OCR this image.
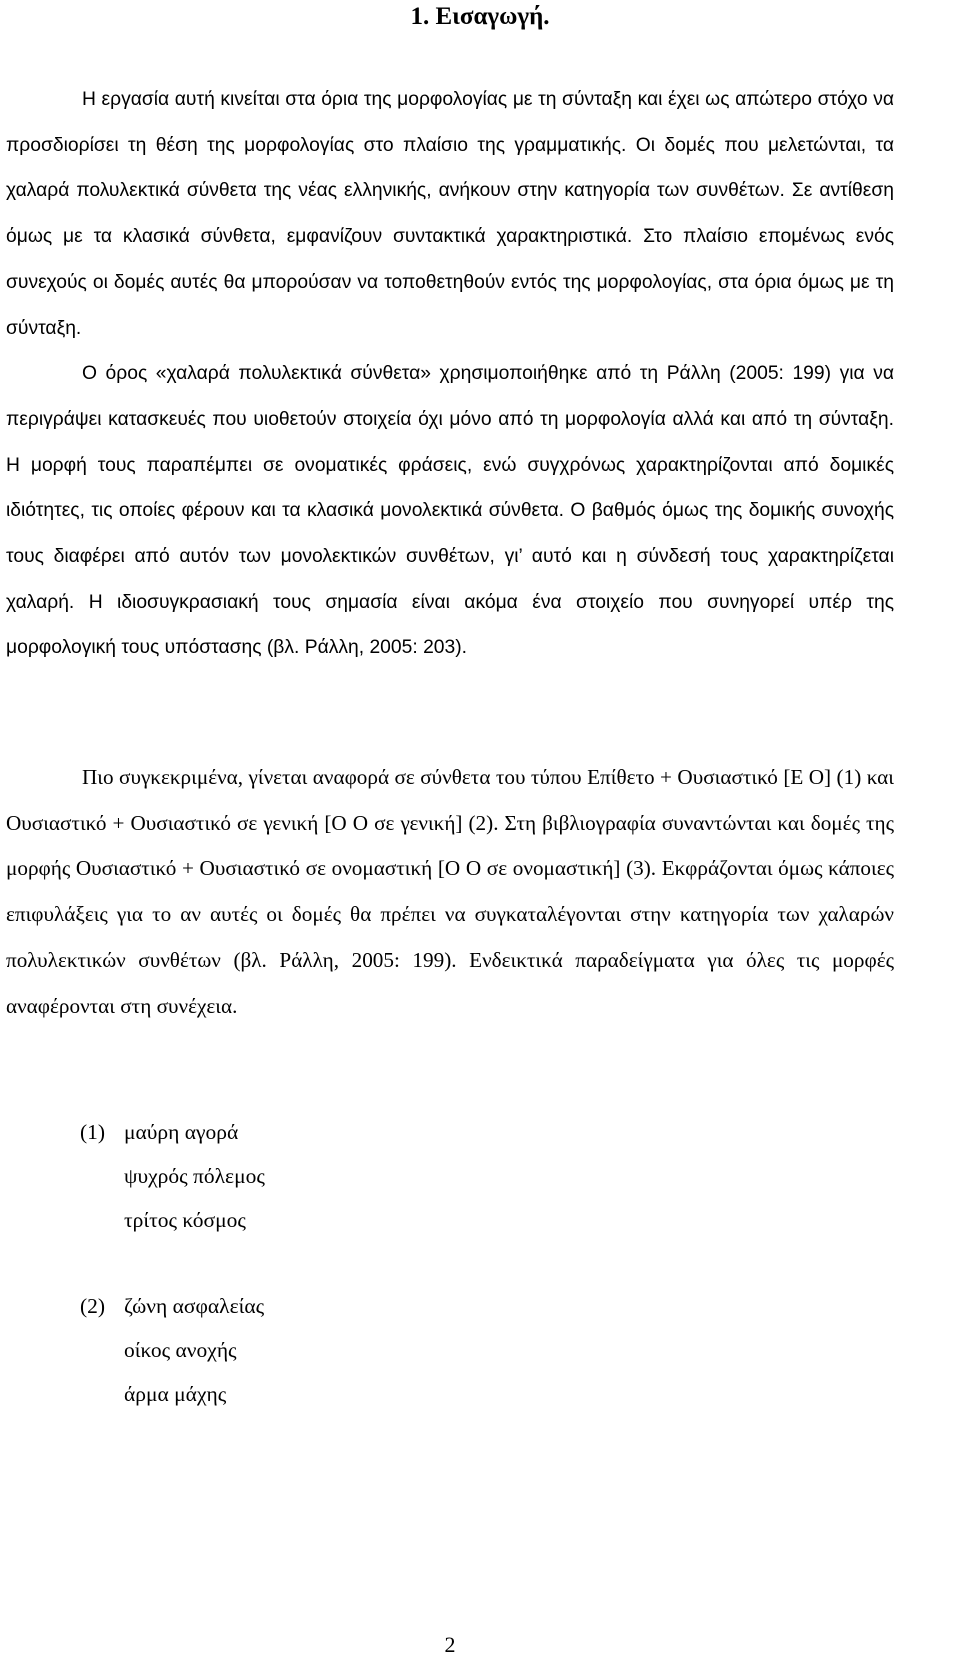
1. Εισαγωγή.

Η εργασία αυτή κινείται στα όρια της μορφολογίας με τη σύνταξη και έχει ως απώτερο στόχο να προσδιορίσει τη θέση της μορφολογίας στο πλαίσιο της γραμματικής. Οι δομές που μελετώνται, τα χαλαρά πολυλεκτικά σύνθετα της νέας ελληνικής, ανήκουν στην κατηγορία των συνθέτων. Σε αντίθεση όμως με τα κλασικά σύνθετα, εμφανίζουν συντακτικά χαρακτηριστικά. Στο πλαίσιο επομένως ενός συνεχούς οι δομές αυτές θα μπορούσαν να τοποθετηθούν εντός της μορφολογίας, στα όρια όμως με τη σύνταξη.

Ο όρος «χαλαρά πολυλεκτικά σύνθετα» χρησιμοποιήθηκε από τη Ράλλη (2005: 199) για να περιγράψει κατασκευές που υιοθετούν στοιχεία όχι μόνο από τη μορφολογία αλλά και από τη σύνταξη. Η μορφή τους παραπέμπει σε ονοματικές φράσεις, ενώ συγχρόνως χαρακτηρίζονται από δομικές ιδιότητες, τις οποίες φέρουν και τα κλασικά μονολεκτικά σύνθετα. Ο βαθμός όμως της δομικής συνοχής τους διαφέρει από αυτόν των μονολεκτικών συνθέτων, γι’ αυτό και η σύνδεσή τους χαρακτηρίζεται χαλαρή. Η ιδιοσυγκρασιακή τους σημασία είναι ακόμα ένα στοιχείο που συνηγορεί υπέρ της μορφολογική τους υπόστασης (βλ. Ράλλη, 2005: 203).

Πιο συγκεκριμένα, γίνεται αναφορά σε σύνθετα του τύπου Επίθετο + Ουσιαστικό [Ε Ο] (1) και Ουσιαστικό + Ουσιαστικό σε γενική [Ο Ο σε γενική] (2). Στη βιβλιογραφία συναντώνται και δομές της μορφής Ουσιαστικό + Ουσιαστικό σε ονομαστική [Ο Ο σε ονομαστική] (3). Εκφράζονται όμως κάποιες επιφυλάξεις για το αν αυτές οι δομές θα πρέπει να συγκαταλέγονται στην κατηγορία των χαλαρών πολυλεκτικών συνθέτων (βλ. Ράλλη, 2005: 199). Ενδεικτικά παραδείγματα για όλες τις μορφές αναφέρονται στη συνέχεια.

(1) μαύρη αγορά
ψυχρός πόλεμος
τρίτος κόσμος
(2) ζώνη ασφαλείας
οίκος ανοχής
άρμα μάχης
2
